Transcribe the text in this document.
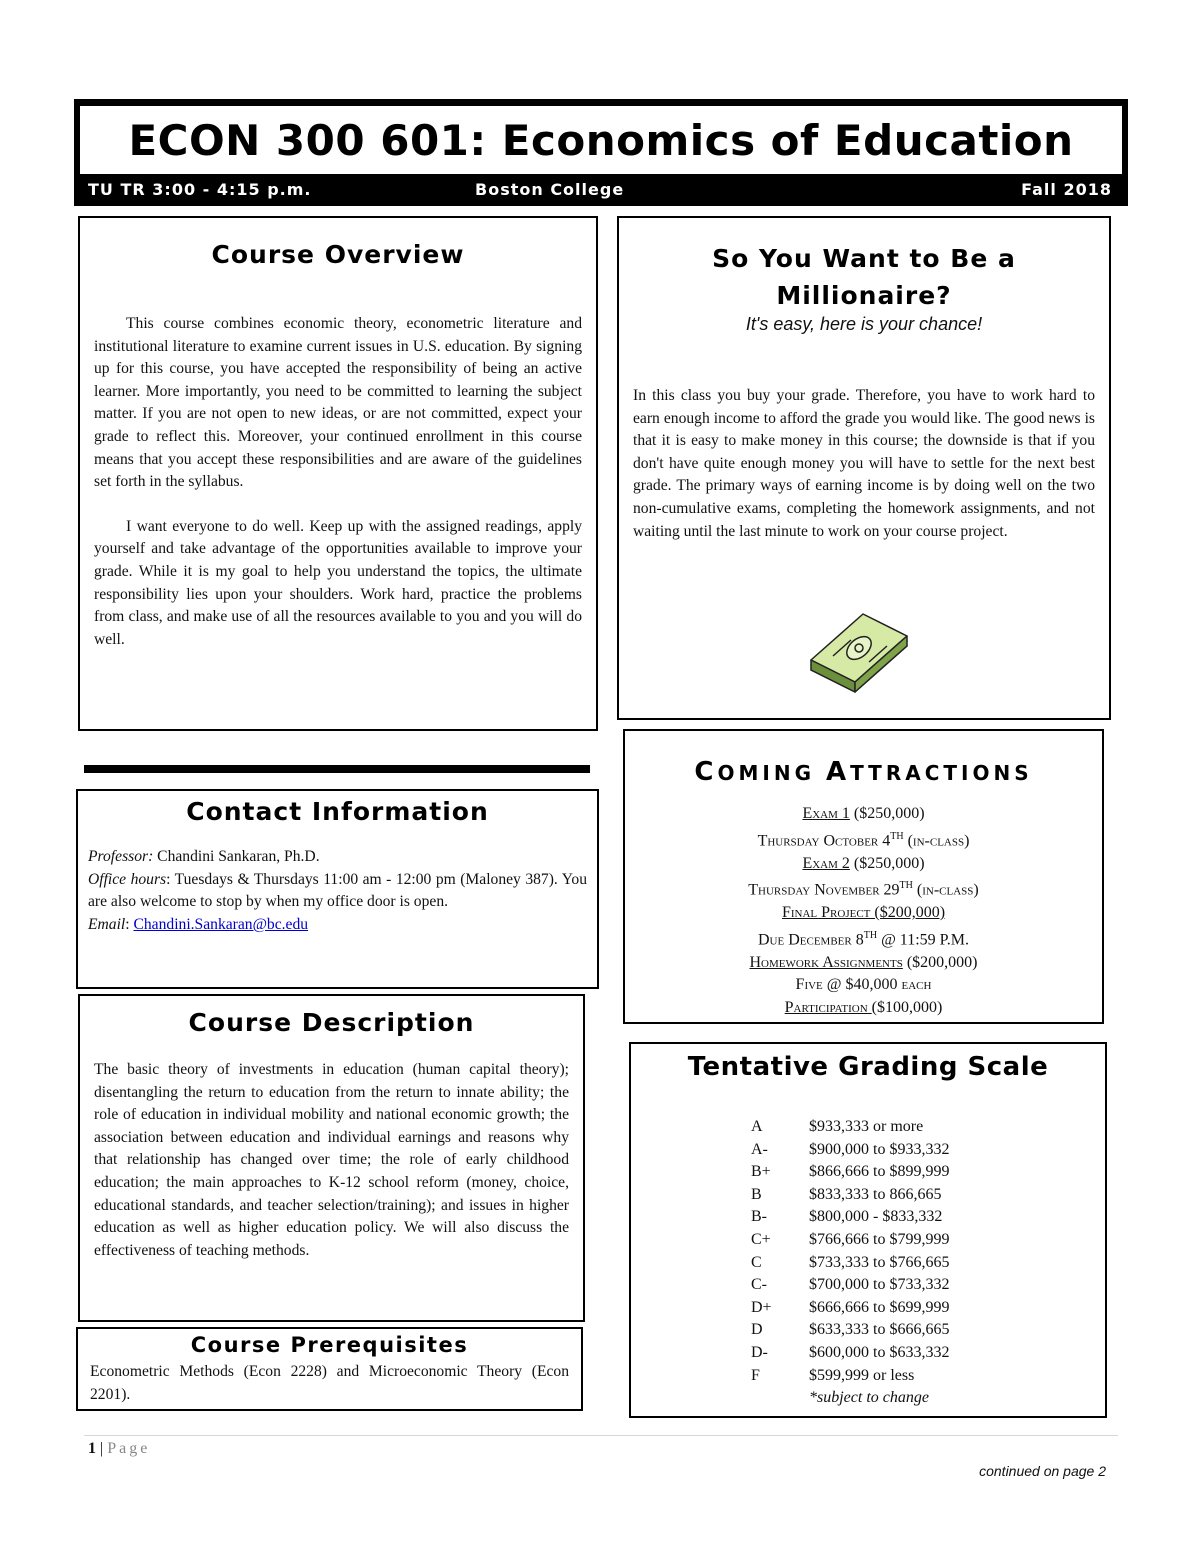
ECON 300 601: Economics of Education
TU TR 3:00 - 4:15 p.m.	Boston College	Fall 2018
Course Overview

This course combines economic theory, econometric literature and institutional literature to examine current issues in U.S. education. By signing up for this course, you have accepted the responsibility of being an active learner. More importantly, you need to be committed to learning the subject matter. If you are not open to new ideas, or are not committed, expect your grade to reflect this. Moreover, your continued enrollment in this course means that you accept these responsibilities and are aware of the guidelines set forth in the syllabus.

I want everyone to do well. Keep up with the assigned readings, apply yourself and take advantage of the opportunities available to improve your grade. While it is my goal to help you understand the topics, the ultimate responsibility lies upon your shoulders. Work hard, practice the problems from class, and make use of all the resources available to you and you will do well.

So You Want to Be a Millionaire?
It's easy, here is your chance!

In this class you buy your grade. Therefore, you have to work hard to earn enough income to afford the grade you would like. The good news is that it is easy to make money in this course; the downside is that if you don't have quite enough money you will have to settle for the next best grade. The primary ways of earning income is by doing well on the two non-cumulative exams, completing the homework assignments, and not waiting until the last minute to work on your course project.

Contact Information

Professor: Chandini Sankaran, Ph.D.
Office hours: Tuesdays & Thursdays 11:00 am - 12:00 pm (Maloney 387). You are also welcome to stop by when my office door is open.
Email: Chandini.Sankaran@bc.edu

Course Description

The basic theory of investments in education (human capital theory); disentangling the return to education from the return to innate ability; the role of education in individual mobility and national economic growth; the association between education and individual earnings and reasons why that relationship has changed over time; the role of early childhood education; the main approaches to K-12 school reform (money, choice, educational standards, and teacher selection/training); and issues in higher education as well as higher education policy. We will also discuss the effectiveness of teaching methods.

Course Prerequisites

Econometric Methods (Econ 2228) and Microeconomic Theory (Econ 2201).

COMING ATTRACTIONS
Exam 1 ($250,000)
Thursday October 4TH (in-class)
Exam 2 ($250,000)
Thursday November 29TH (in-class)
Final Project ($200,000)
Due December 8TH @ 11:59 P.M.
Homework Assignments ($200,000)
Five @ $40,000 each
Participation ($100,000)
Tentative Grading Scale
A	$933,333 or more
A-	$900,000 to $933,332
B+	$866,666 to $899,999
B	$833,333 to 866,665
B-	$800,000 - $833,332
C+	$766,666 to $799,999
C	$733,333 to $766,665
C-	$700,000 to $733,332
D+	$666,666 to $699,999
D	$633,333 to $666,665
D-	$600,000 to $633,332
F	$599,999 or less
*subject to change
1 | Page
continued on page 2
